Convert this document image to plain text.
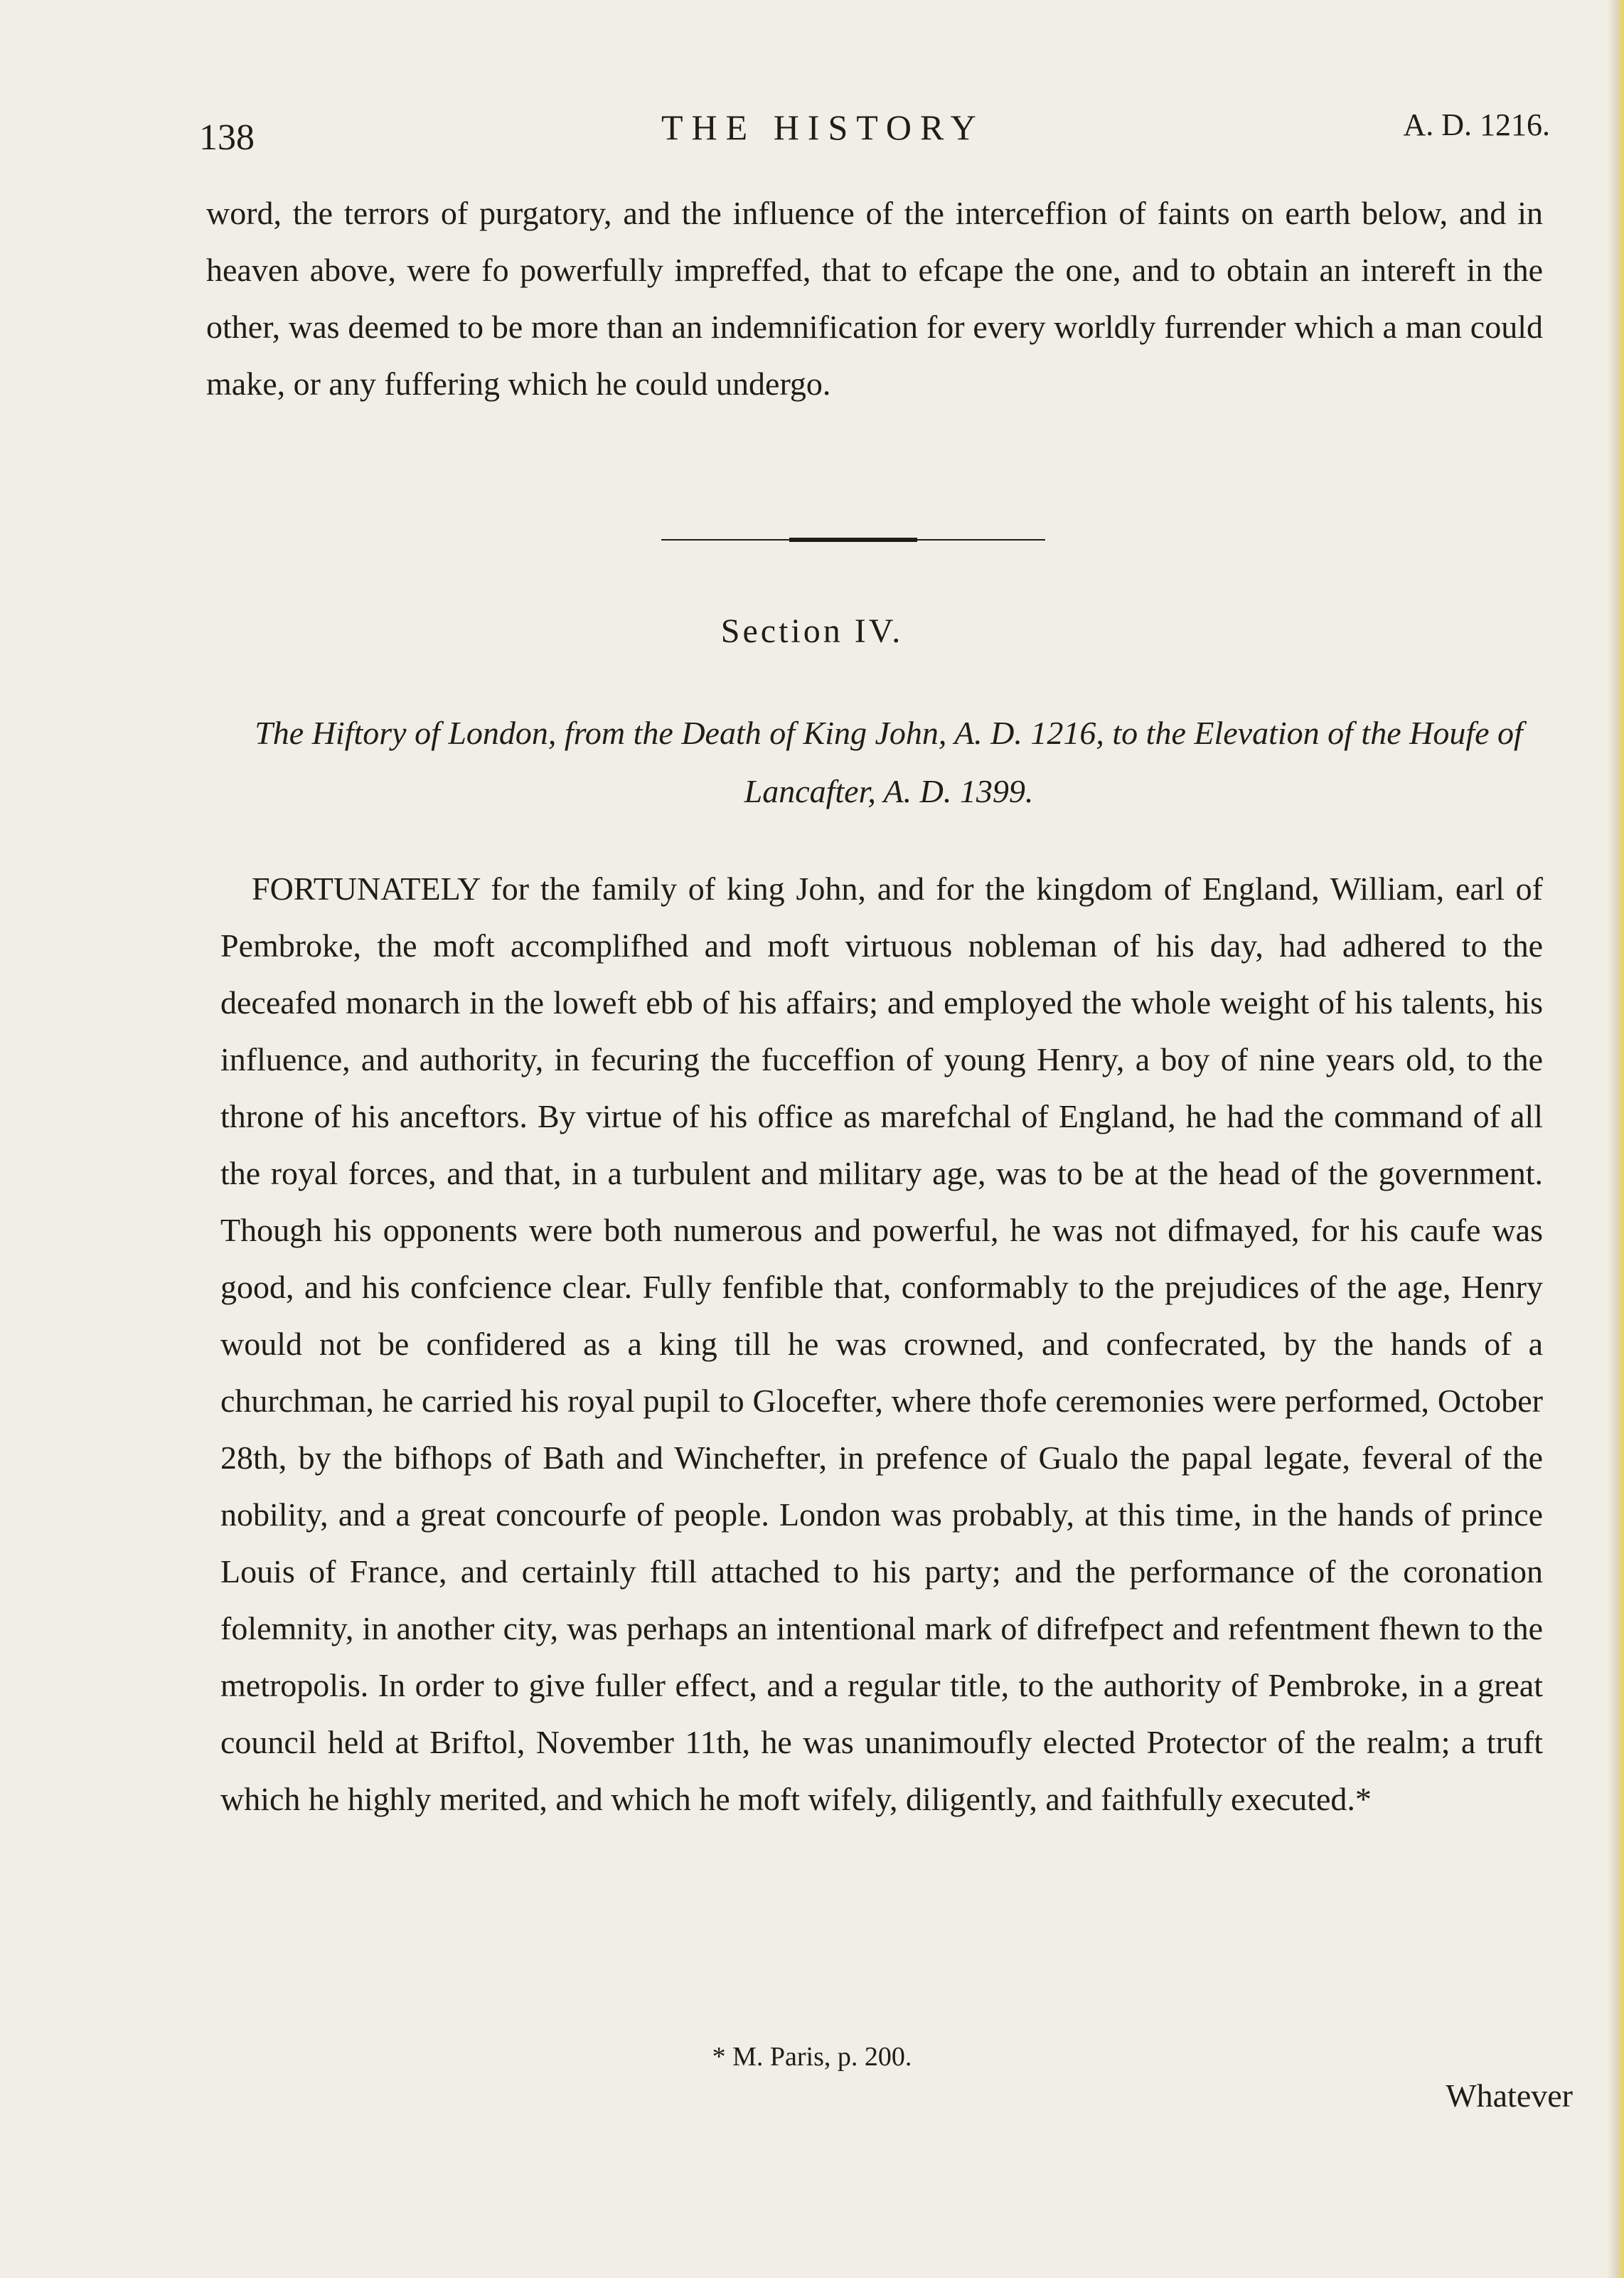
138	THE HISTORY	A. D. 1216.

word, the terrors of purgatory, and the influence of the interceffion of faints on earth below, and in heaven above, were fo powerfully impreffed, that to efcape the one, and to obtain an intereft in the other, was deemed to be more than an indemnification for every worldly furrender which a man could make, or any fuffering which he could undergo.

Section IV.
The Hiftory of London, from the Death of King John, A. D. 1216, to the Elevation of the Houfe of Lancafter, A. D. 1399.

FORTUNATELY for the family of king John, and for the kingdom of England, William, earl of Pembroke, the moft accomplifhed and moft virtuous nobleman of his day, had adhered to the deceafed monarch in the loweft ebb of his affairs; and employed the whole weight of his talents, his influence, and authority, in fecuring the fucceffion of young Henry, a boy of nine years old, to the throne of his anceftors. By virtue of his office as marefchal of England, he had the command of all the royal forces, and that, in a turbulent and military age, was to be at the head of the government. Though his opponents were both numerous and powerful, he was not difmayed, for his caufe was good, and his confcience clear. Fully fenfible that, conformably to the prejudices of the age, Henry would not be confidered as a king till he was crowned, and confecrated, by the hands of a churchman, he carried his royal pupil to Glocefter, where thofe ceremonies were performed, October 28th, by the bifhops of Bath and Winchefter, in prefence of Gualo the papal legate, feveral of the nobility, and a great concourfe of people. London was probably, at this time, in the hands of prince Louis of France, and certainly ftill attached to his party; and the performance of the coronation folemnity, in another city, was perhaps an intentional mark of difrefpect and refentment fhewn to the metropolis. In order to give fuller effect, and a regular title, to the authority of Pembroke, in a great council held at Briftol, November 11th, he was unanimoufly elected Protector of the realm; a truft which he highly merited, and which he moft wifely, diligently, and faithfully executed.*

* M. Paris, p. 200.
Whatever
